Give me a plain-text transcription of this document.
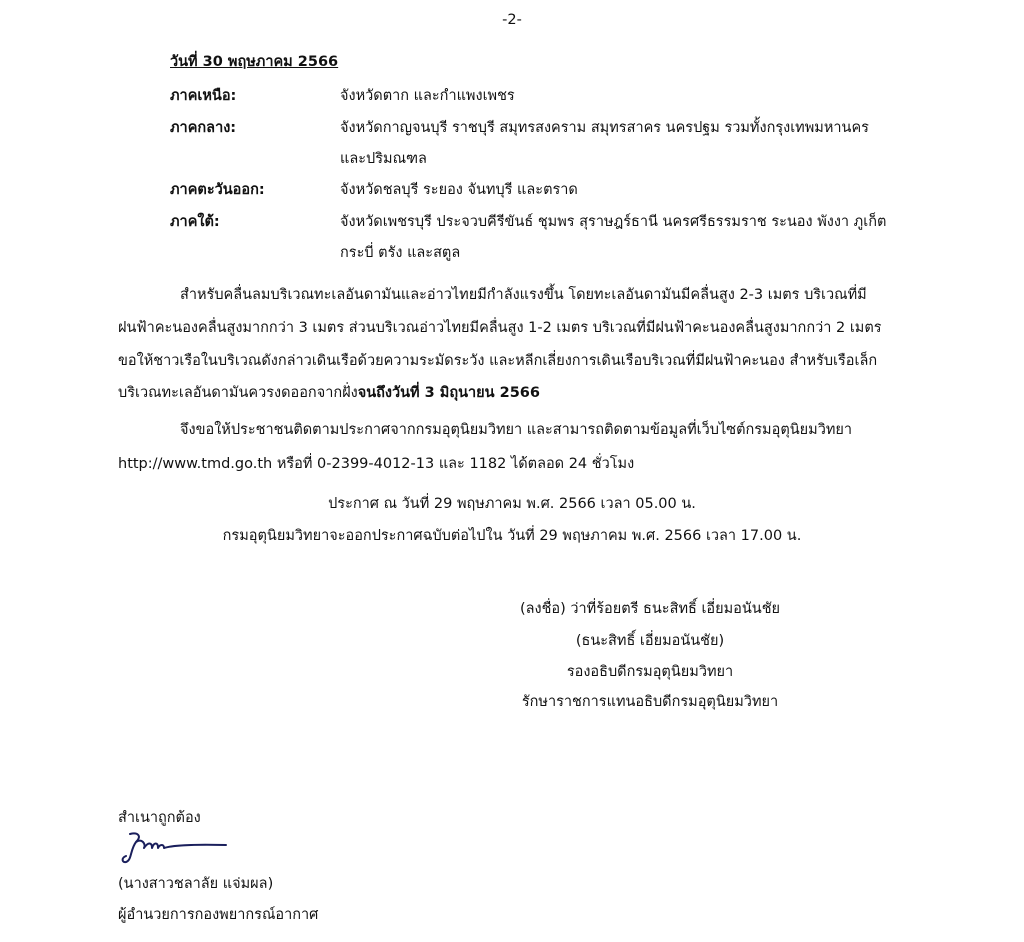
-2-
วันที่ 30 พฤษภาคม 2566
ภาคเหนือ:	จังหวัดตาก และกำแพงเพชร
ภาคกลาง:	จังหวัดกาญจนบุรี ราชบุรี สมุทรสงคราม สมุทรสาคร นครปฐม รวมทั้งกรุงเทพมหานคร
และปริมณฑล
ภาคตะวันออก:	จังหวัดชลบุรี ระยอง จันทบุรี และตราด
ภาคใต้:	จังหวัดเพชรบุรี ประจวบคีรีขันธ์ ชุมพร สุราษฎร์ธานี นครศรีธรรมราช ระนอง พังงา ภูเก็ต
กระบี่ ตรัง และสตูล
สำหรับคลื่นลมบริเวณทะเลอันดามันและอ่าวไทยมีกำลังแรงขึ้น โดยทะเลอันดามันมีคลื่นสูง 2-3 เมตร บริเวณที่มี
ฝนฟ้าคะนองคลื่นสูงมากกว่า 3 เมตร ส่วนบริเวณอ่าวไทยมีคลื่นสูง 1-2 เมตร บริเวณที่มีฝนฟ้าคะนองคลื่นสูงมากกว่า 2 เมตร
ขอให้ชาวเรือในบริเวณดังกล่าวเดินเรือด้วยความระมัดระวัง และหลีกเลี่ยงการเดินเรือบริเวณที่มีฝนฟ้าคะนอง สำหรับเรือเล็ก
บริเวณทะเลอันดามันควรงดออกจากฝั่งจนถึงวันที่ 3 มิถุนายน 2566
จึงขอให้ประชาชนติดตามประกาศจากกรมอุตุนิยมวิทยา และสามารถติดตามข้อมูลที่เว็บไซต์กรมอุตุนิยมวิทยา
http://www.tmd.go.th หรือที่ 0-2399-4012-13 และ 1182 ได้ตลอด 24 ชั่วโมง
ประกาศ ณ วันที่ 29 พฤษภาคม พ.ศ. 2566 เวลา 05.00 น.
กรมอุตุนิยมวิทยาจะออกประกาศฉบับต่อไปใน วันที่ 29 พฤษภาคม พ.ศ. 2566 เวลา 17.00 น.
(ลงชื่อ) ว่าที่ร้อยตรี ธนะสิทธิ์ เอี่ยมอนันชัย
(ธนะสิทธิ์ เอี่ยมอนันชัย)
รองอธิบดีกรมอุตุนิยมวิทยา
รักษาราชการแทนอธิบดีกรมอุตุนิยมวิทยา
สำเนาถูกต้อง
(นางสาวชลาลัย แจ่มผล)
ผู้อำนวยการกองพยากรณ์อากาศ
